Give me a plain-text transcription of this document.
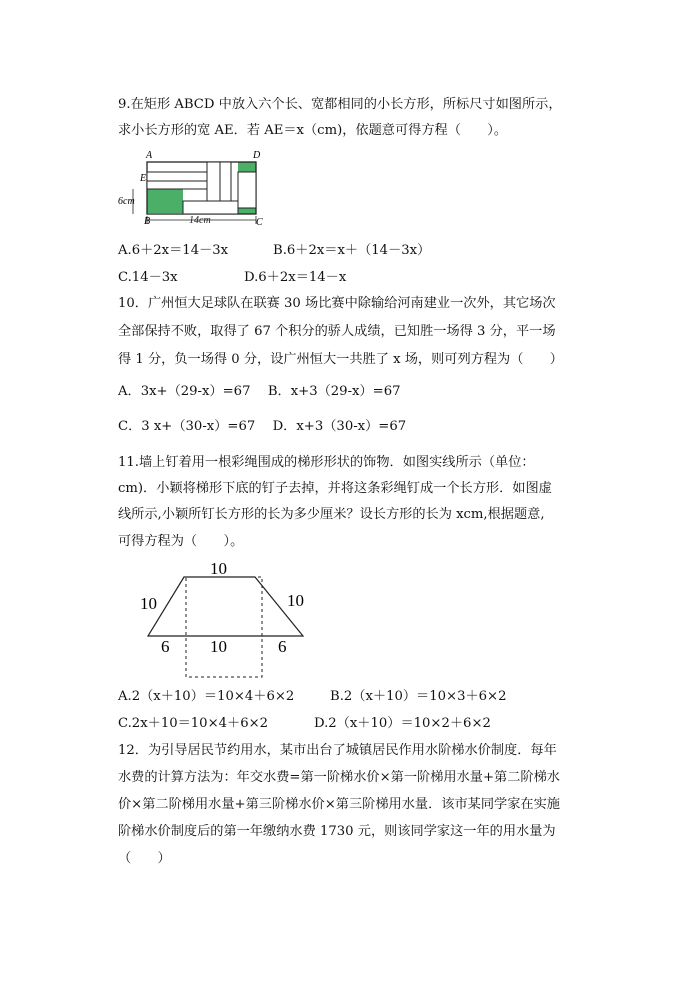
9.在矩形 ABCD 中放入六个长、宽都相同的小长方形，所标尺寸如图所示，
求小长方形的宽 AE．若 AE＝x（cm)，依题意可得方程（　　）。
A	D
E
B	C
6cm
14cm
A.6＋2x＝14－3x	B.6＋2x＝x＋（14－3x）
C.14－3x	D.6＋2x＝14－x
10．广州恒大足球队在联赛 30 场比赛中除输给河南建业一次外，其它场次
全部保持不败，取得了 67 个积分的骄人成绩，已知胜一场得 3 分，平一场
得 1 分，负一场得 0 分，设广州恒大一共胜了 x 场，则可列方程为（　　）
A．3x+（29-x）=67　 B．x+3（29-x）=67
C．3 x+（30-x）=67　 D．x+3（30-x）=67
11.墙上钉着用一根彩绳围成的梯形形状的饰物．如图实线所示（单位：
cm)．小颖将梯形下底的钉子去掉，并将这条彩绳钉成一个长方形．如图虚
线所示,小颖所钉长方形的长为多少厘米？设长方形的长为 xcm,根据题意,
可得方程为（　　）。
10
10	10
6 10	6
A.2（x＋10）＝10×4＋6×2	B.2（x＋10）＝10×3＋6×2
C.2x＋10＝10×4＋6×2	D.2（x＋10）＝10×2＋6×2
12．为引导居民节约用水，某市出台了城镇居民作用水阶梯水价制度．每年
水费的计算方法为：年交水费=第一阶梯水价×第一阶梯用水量+第二阶梯水
价×第二阶梯用水量+第三阶梯水价×第三阶梯用水量．该市某同学家在实施
阶梯水价制度后的第一年缴纳水费 1730 元，则该同学家这一年的用水量为
（　　）
